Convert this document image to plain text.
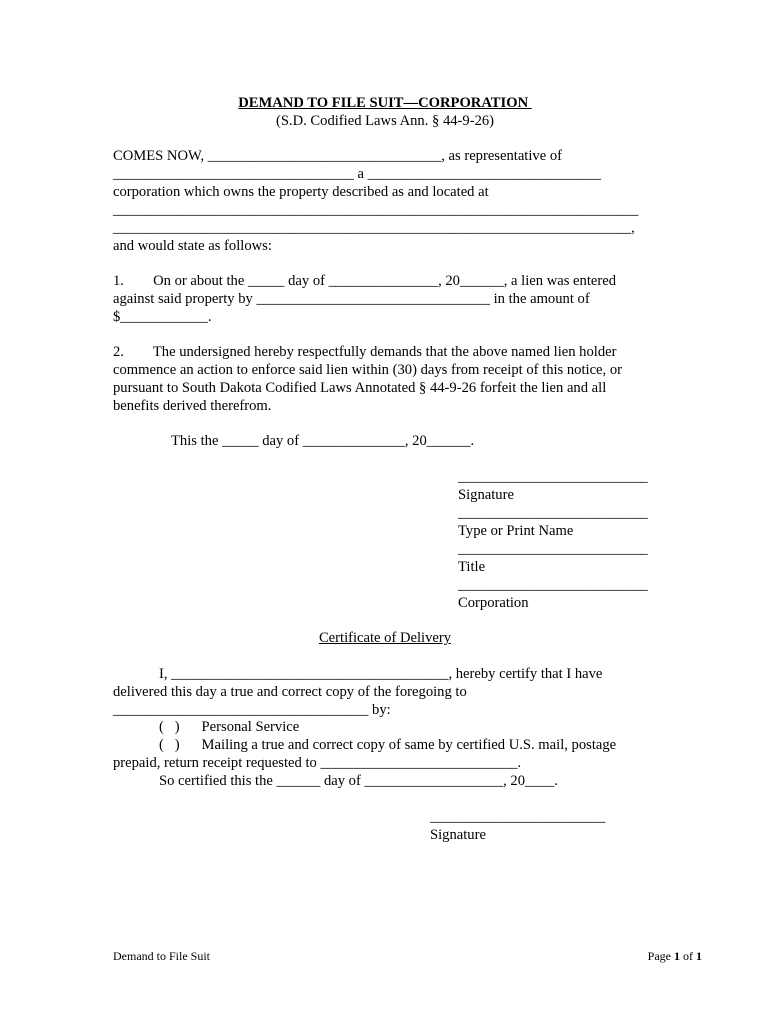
DEMAND TO FILE SUIT—CORPORATION
(S.D. Codified Laws Ann. § 44-9-26)
COMES NOW, ________________________________, as representative of
_________________________________ a ________________________________
corporation which owns the property described as and located at
________________________________________________________________________
_______________________________________________________________________,
and would state as follows:
1.        On or about the _____ day of _______________, 20______, a lien was entered
against said property by ________________________________ in the amount of
$____________.
2.        The undersigned hereby respectfully demands that the above named lien holder
commence an action to enforce said lien within (30) days from receipt of this notice, or
pursuant to South Dakota Codified Laws Annotated § 44-9-26 forfeit the lien and all
benefits derived therefrom.
This the _____ day of ______________, 20______.
__________________________
Signature
__________________________
Type or Print Name
__________________________
Title
__________________________
Corporation
Certificate of Delivery
I, ______________________________________, hereby certify that I have
delivered this day a true and correct copy of the foregoing to
___________________________________ by:
(   )      Personal Service
(   )      Mailing a true and correct copy of same by certified U.S. mail, postage
prepaid, return receipt requested to ___________________________.
So certified this the ______ day of ___________________, 20____.
________________________
Signature
Demand to File Suit	Page 1 of 1
